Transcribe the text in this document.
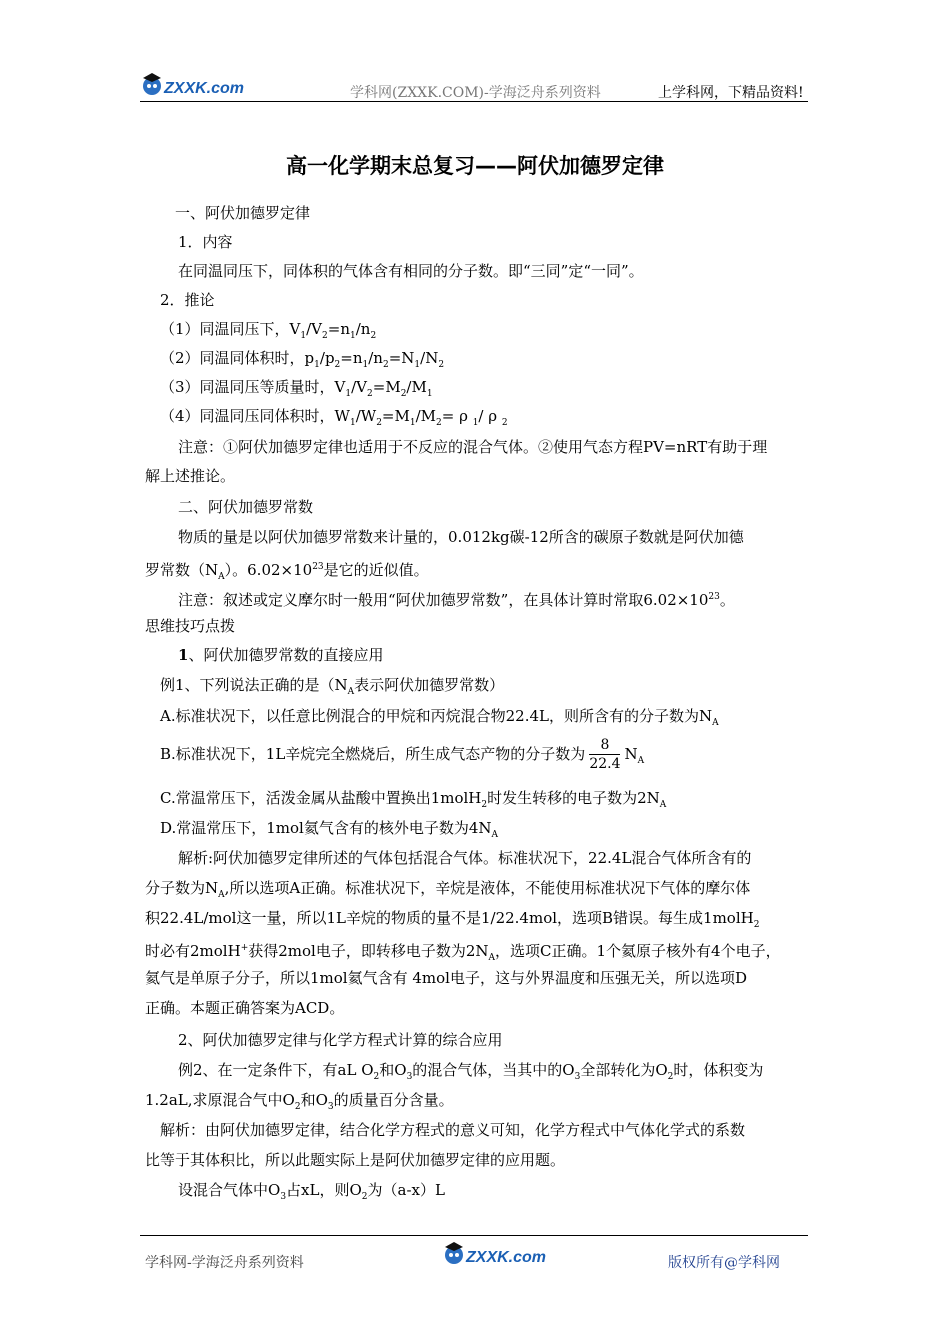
ZXXK.com	学科网(ZXXK.COM)-学海泛舟系列资料	上学科网，下精品资料!
高一化学期末总复习——阿伏加德罗定律
一、阿伏加德罗定律
1．内容
在同温同压下，同体积的气体含有相同的分子数。即“三同”定“一同”。
2．推论
（1）同温同压下，$V_1/V_2=n_1/n_2$
（2）同温同体积时，$p_1/p_2=n_1/n_2=N_1/N_2$
（3）同温同压等质量时，$V_1/V_2=M_2/M_1$
（4）同温同压同体积时，$W_1/W_2=M_1/M_2= \rho$ $_1$/ ρ $_2$
注意：①阿伏加德罗定律也适用于不反应的混合气体。②使用气态方程PV=nRT有助于理
解上述推论。
二、阿伏加德罗常数
物质的量是以阿伏加德罗常数来计量的，0.012kg碳-12所含的碳原子数就是阿伏加德
罗常数$(N_A)$。$6.02\times 10^{23}$是它的近似值。
注意：叙述或定义摩尔时一般用“阿伏加德罗常数”，在具体计算时常取$6.02\times 10^{23}$。
思维技巧点拨
1、阿伏加德罗常数的直接应用
例1、下列说法正确的是（$N_A$表示阿伏加德罗常数）
A.标准状况下，以任意比例混合的甲烷和丙烷混合物22.4L，则所含有的分子数为$N_A$
B.标准状况下，1L辛烷完全燃烧后，所生成气态产物的分子数为 $\frac{8}{22.4} N_A$
C.常温常压下，活泼金属从盐酸中置换出1molH$_2$时发生转移的电子数为$2N_A$
D.常温常压下，1mol氦气含有的核外电子数为$4N_A$
解析:阿伏加德罗定律所述的气体包括混合气体。标准状况下，22.4L混合气体所含有的
分子数为$N_A$,所以选项A正确。标准状况下，辛烷是液体，不能使用标准状况下气体的摩尔体
积22.4L/mol这一量，所以1L辛烷的物质的量不是1/22.4mol，选项B错误。每生成1molH$_2$
时必有2molH+获得2mol电子，即转移电子数为$2N_A$，选项C正确。1个氦原子核外有4个电子，
氦气是单原子分子，所以1mol氦气含有 4mol电子，这与外界温度和压强无关，所以选项D
正确。本题正确答案为ACD。
2、阿伏加德罗定律与化学方程式计算的综合应用
例2、在一定条件下，有aL $O_2$和$O_3$的混合气体，当其中的$O_3$全部转化为$O_2$时，体积变为
1.2aL,求原混合气中$O_2$和$O_3$的质量百分含量。
解析：由阿伏加德罗定律，结合化学方程式的意义可知，化学方程式中气体化学式的系数
比等于其体积比，所以此题实际上是阿伏加德罗定律的应用题。
设混合气体中$O_3$占xL，则$O_2$为（a-x）L
学科网-学海泛舟系列资料	ZXXK.com	版权所有@学科网
